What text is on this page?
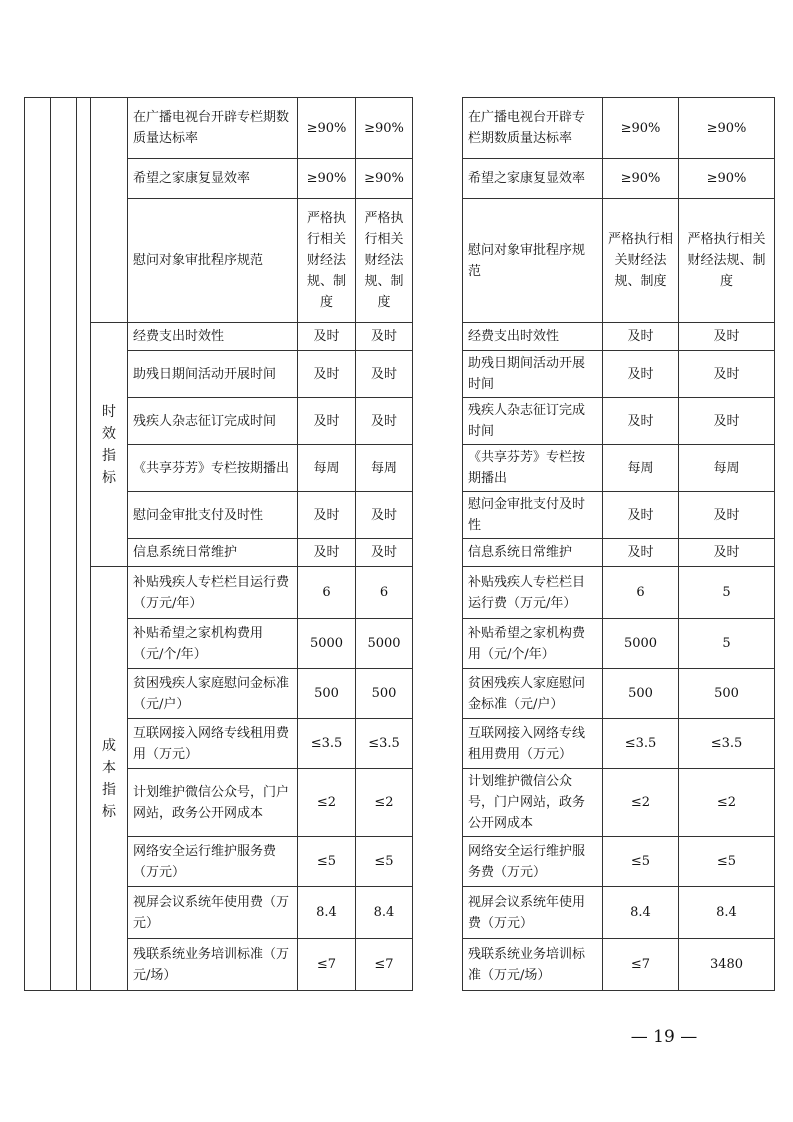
				在广播电视台开辟专栏期数质量达标率	≥90%	≥90%		在广播电视台开辟专栏期数质量达标率	≥90%	≥90%
				希望之家康复显效率	≥90%	≥90%		希望之家康复显效率	≥90%	≥90%
				慰问对象审批程序规范	严格执行相关财经法规、制度	严格执行相关财经法规、制度		慰问对象审批程序规范	严格执行相关财经法规、制度	严格执行相关财经法规、制度
			时效指标	经费支出时效性	及时	及时		经费支出时效性	及时	及时
				助残日期间活动开展时间	及时	及时		助残日期间活动开展时间	及时	及时
				残疾人杂志征订完成时间	及时	及时		残疾人杂志征订完成时间	及时	及时
				《共享芬芳》专栏按期播出	每周	每周		《共享芬芳》专栏按期播出	每周	每周
				慰问金审批支付及时性	及时	及时		慰问金审批支付及时性	及时	及时
				信息系统日常维护	及时	及时		信息系统日常维护	及时	及时
			成本指标	补贴残疾人专栏栏目运行费（万元/年）	6	6		补贴残疾人专栏栏目运行费（万元/年）	6	5
				补贴希望之家机构费用（元/个/年）	5000	5000		补贴希望之家机构费用（元/个/年）	5000	5
				贫困残疾人家庭慰问金标准（元/户）	500	500		贫困残疾人家庭慰问金标准（元/户）	500	500
				互联网接入网络专线租用费用（万元）	≤3.5	≤3.5		互联网接入网络专线租用费用（万元）	≤3.5	≤3.5
				计划维护微信公众号，门户网站，政务公开网成本	≤2	≤2		计划维护微信公众号，门户网站，政务公开网成本	≤2	≤2
				网络安全运行维护服务费（万元）	≤5	≤5		网络安全运行维护服务费（万元）	≤5	≤5
				视屏会议系统年使用费（万元）	8.4	8.4		视屏会议系统年使用费（万元）	8.4	8.4
				残联系统业务培训标准（万元/场）	≤7	≤7		残联系统业务培训标准（万元/场）	≤7	3480
— 19 —
